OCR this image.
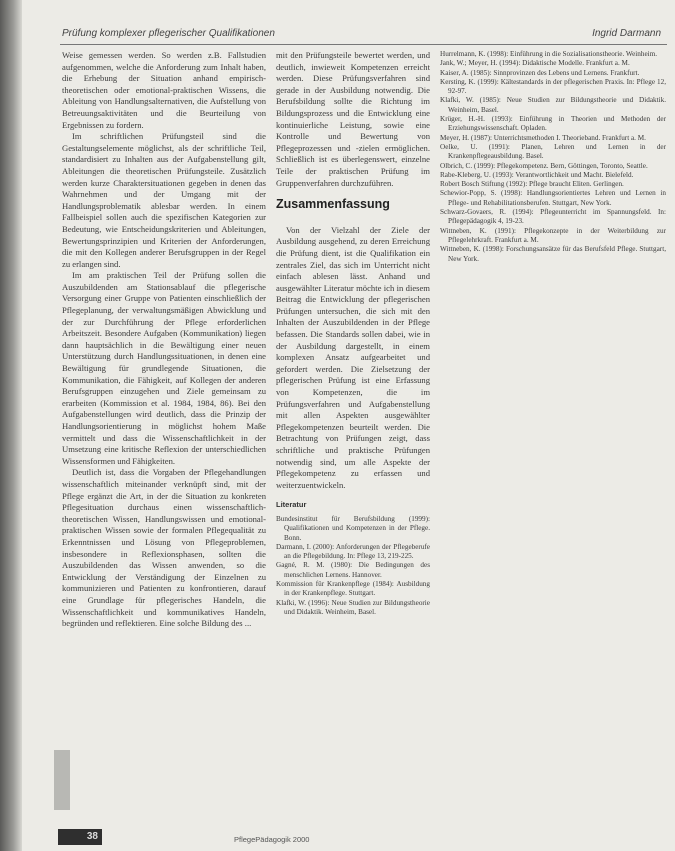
Prüfung komplexer pflegerischer Qualifikationen	Ingrid Darmann

Weise gemessen werden. So werden z.B. Fallstudien aufgenommen, welche die Anforderung zum Inhalt haben, die Erhebung der Situation anhand empirisch-theoretischen oder emotional-praktischen Wissens, die Ableitung von Handlungsalternativen, die Aufstellung von Betreuungsaktivitäten und die Beurteilung von Ergebnissen zu fordern.

Im schriftlichen Prüfungsteil sind die Gestaltungselemente möglichst, als der schriftliche Teil, standardisiert zu Inhalten aus der Aufgabenstellung gilt, Ableitungen die theoretischen Prüfungsteile. Zusätzlich werden kurze Charaktersituationen gegeben in denen das Wahrnehmen und der Umgang mit der Handlungsproblematik ablesbar werden. In einem Fallbeispiel sollen auch die spezifischen Kategorien zur Bedeutung, wie Entscheidungskriterien und Ableitungen, Bewertungsprinzipien und Kriterien der Anforderungen, die mit den Kollegen anderer Berufsgruppen in der Regel zu erlangen sind.

Im am praktischen Teil der Prüfung sollen die Auszubildenden am Stationsablauf die pflegerische Versorgung einer Gruppe von Patienten einschließlich der Pflegeplanung, der verwaltungsmäßigen Abwicklung und der zur Durchführung der Pflege erforderlichen Arbeitszeit. Besondere Aufgaben (Kommunikation) liegen dann hauptsächlich in die Bewältigung einer neuen Unterstützung durch Handlungssituationen, in denen eine Bewältigung für grundlegende Situationen, die Kommunikation, die Fähigkeit, auf Kollegen der anderen Berufsgruppen einzugehen und Ziele gemeinsam zu erarbeiten (Kommission et al. 1984, 1984, 86). Bei den Aufgabenstellungen wird deutlich, dass die Prinzip der Handlungsorientierung in möglichst hohem Maße vermittelt und dass die Wissenschaftlichkeit in der Umsetzung eine kritische Reflexion der unterschiedlichen Wissensformen und Fähigkeiten.

Deutlich ist, dass die Vorgaben der Pflegehandlungen wissenschaftlich miteinander verknüpft sind, mit der Pflege ergänzt die Art, in der die Situation zu konkreten Pflegesituation durchaus einen wissenschaftlich-theoretischen Wissen, Handlungswissen und emotional-praktischen Wissen sowie der formalen Pflegequalität zu Erkenntnissen und Lösung von Pflegeproblemen, insbesondere in Reflexionsphasen, sollten die Auszubildenden das Wissen anwenden, so die Entwicklung der Verständigung der Einzelnen zu kommunizieren und Patienten zu konfrontieren, darauf eine Grundlage für pflegerisches Handeln, die Wissenschaftlichkeit und kommunikatives Handeln, begründen und reflektieren. Eine solche Bildung des ...

mit den Prüfungsteile bewertet werden, und deutlich, inwieweit Kompetenzen erreicht werden. Diese Prüfungsverfahren sind gerade in der Ausbildung notwendig. Die Berufsbildung sollte die Richtung im Bildungsprozess und die Entwicklung eine kontinuierliche Leistung, sowie eine Kontrolle und Bewertung von Pflegeprozessen und -zielen ermöglichen. Schließlich ist es überlegenswert, einzelne Teile der praktischen Prüfung im Gruppenverfahren durchzuführen.

Zusammenfassung

Von der Vielzahl der Ziele der Ausbildung ausgehend, zu deren Erreichung die Prüfung dient, ist die Qualifikation ein zentrales Ziel, das sich im Unterricht nicht einfach ablesen lässt. Anhand und ausgewählter Literatur möchte ich in diesem Beitrag die Entwicklung der pflegerischen Prüfungen untersuchen, die sich mit den Inhalten der Auszubildenden in der Pflege befassen. Die Standards sollen dabei, wie in der Ausbildung dargestellt, in einem komplexen Ansatz aufgearbeitet und gefordert werden. Die Zielsetzung der pflegerischen Prüfung ist eine Erfassung von Kompetenzen, die im Prüfungsverfahren und Aufgabenstellung mit allen Aspekten ausgewählter Pflegekompetenzen beurteilt werden. Die Betrachtung von Prüfungen zeigt, dass schriftliche und praktische Prüfungen notwendig sind, um alle Aspekte der Pflegekompetenz zu erfassen und weiterzuentwickeln.

Literatur

Bundesinstitut für Berufsbildung (1999): Qualifikationen und Kompetenzen in der Pflege. Bonn.

Darmann, I. (2000): Anforderungen der Pflegeberufe an die Pflegebildung. In: Pflege 13, 219-225.

Gagné, R. M. (1980): Die Bedingungen des menschlichen Lernens. Hannover.

Kommission für Krankenpflege (1984): Ausbildung in der Krankenpflege. Stuttgart.

Klafki, W. (1996): Neue Studien zur Bildungstheorie und Didaktik. Weinheim, Basel.

Hurrelmann, K. (1998): Einführung in die Sozialisationstheorie. Weinheim.

Jank, W.; Meyer, H. (1994): Didaktische Modelle. Frankfurt a. M.

Kaiser, A. (1985): Sinnprovinzen des Lebens und Lernens. Frankfurt.

Kersting, K. (1999): Kältestandards in der pflegerischen Praxis. In: Pflege 12, 92-97.

Klafki, W. (1985): Neue Studien zur Bildungstheorie und Didaktik. Weinheim, Basel.

Krüger, H.-H. (1993): Einführung in Theorien und Methoden der Erziehungswissenschaft. Opladen.

Meyer, H. (1987): Unterrichtsmethoden I. Theorieband. Frankfurt a. M.

Oelke, U. (1991): Planen, Lehren und Lernen in der Krankenpflegeausbildung. Basel.

Olbrich, C. (1999): Pflegekompetenz. Bern, Göttingen, Toronto, Seattle.

Rabe-Kleberg, U. (1993): Verantwortlichkeit und Macht. Bielefeld.

Robert Bosch Stiftung (1992): Pflege braucht Eliten. Gerlingen.

Schewior-Popp, S. (1998): Handlungsorientiertes Lehren und Lernen in Pflege- und Rehabilitationsberufen. Stuttgart, New York.

Schwarz-Govaers, R. (1994): Pflegeunterricht im Spannungsfeld. In: Pflegepädagogik 4, 19-23.

Wittneben, K. (1991): Pflegekonzepte in der Weiterbildung zur Pflegelehrkraft. Frankfurt a. M.

Wittneben, K. (1998): Forschungsansätze für das Berufsfeld Pflege. Stuttgart, New York.

38	PflegePädagogik 2000
